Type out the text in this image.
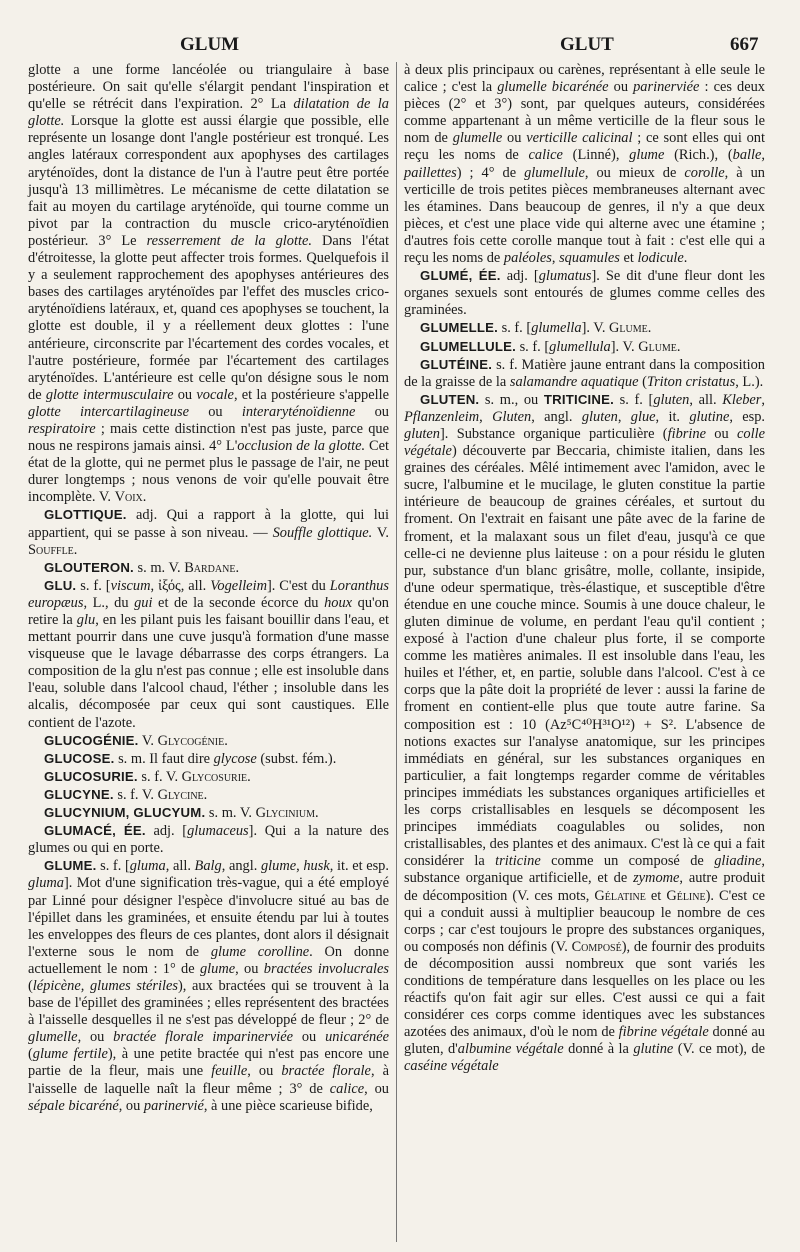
GLUM	GLUT	667

glotte a une forme lancéolée ou triangulaire à base postérieure. On sait qu'elle s'élargit pendant l'inspiration et qu'elle se rétrécit dans l'expiration. 2° La dilatation de la glotte. Lorsque la glotte est aussi élargie que possible, elle représente un losange dont l'angle postérieur est tronqué. Les angles latéraux correspondent aux apophyses des cartilages aryténoïdes, dont la distance de l'un à l'autre peut être portée jusqu'à 13 millimètres. Le mécanisme de cette dilatation se fait au moyen du cartilage aryténoïde, qui tourne comme un pivot par la contraction du muscle crico-aryténoïdien postérieur. 3° Le resserrement de la glotte. Dans l'état d'étroitesse, la glotte peut affecter trois formes. Quelquefois il y a seulement rapprochement des apophyses antérieures des bases des cartilages aryténoïdes par l'effet des muscles crico-aryténoïdiens latéraux, et, quand ces apophyses se touchent, la glotte est double, il y a réellement deux glottes : l'une antérieure, circonscrite par l'écartement des cordes vocales, et l'autre postérieure, formée par l'écartement des cartilages aryténoïdes. L'antérieure est celle qu'on désigne sous le nom de glotte intermusculaire ou vocale, et la postérieure s'appelle glotte intercartilagineuse ou interaryténoïdienne ou respiratoire ; mais cette distinction n'est pas juste, parce que nous ne respirons jamais ainsi. 4° L'occlusion de la glotte. Cet état de la glotte, qui ne permet plus le passage de l'air, ne peut durer longtemps ; nous venons de voir qu'elle pouvait être incomplète. V. Voix.

GLOTTIQUE. adj. Qui a rapport à la glotte, qui lui appartient, qui se passe à son niveau. — Souffle glottique. V. Souffle.

GLOUTERON. s. m. V. Bardane.

GLU. s. f. [viscum, ἰξός, all. Vogelleim]. C'est du Loranthus europæus, L., du gui et de la seconde écorce du houx qu'on retire la glu, en les pilant puis les faisant bouillir dans l'eau, et mettant pourrir dans une cuve jusqu'à formation d'une masse visqueuse que le lavage débarrasse des corps étrangers. La composition de la glu n'est pas connue ; elle est insoluble dans l'eau, soluble dans l'alcool chaud, l'éther ; insoluble dans les alcalis, décomposée par ceux qui sont caustiques. Elle contient de l'azote.

GLUCOGÉNIE. V. Glycogénie.

GLUCOSE. s. m. Il faut dire glycose (subst. fém.).

GLUCOSURIE. s. f. V. Glycosurie.

GLUCYNE. s. f. V. Glycine.

GLUCYNIUM, GLUCYUM. s. m. V. Glycinium.

GLUMACÉ, ÉE. adj. [glumaceus]. Qui a la nature des glumes ou qui en porte.

GLUME. s. f. [gluma, all. Balg, angl. glume, husk, it. et esp. gluma]. Mot d'une signification très-vague, qui a été employé par Linné pour désigner l'espèce d'involucre situé au bas de l'épillet dans les graminées, et ensuite étendu par lui à toutes les enveloppes des fleurs de ces plantes, dont alors il désignait l'externe sous le nom de glume corolline. On donne actuellement le nom : 1° de glume, ou bractées involucrales (lépicène, glumes stériles), aux bractées qui se trouvent à la base de l'épillet des graminées ; elles représentent des bractées à l'aisselle desquelles il ne s'est pas développé de fleur ; 2° de glumelle, ou bractée florale imparinerviée ou unicarénée (glume fertile), à une petite bractée qui n'est pas encore une partie de la fleur, mais une feuille, ou bractée florale, à l'aisselle de laquelle naît la fleur même ; 3° de calice, ou sépale bicaréné, ou parinervié, à une pièce scarieuse bifide,

à deux plis principaux ou carènes, représentant à elle seule le calice ; c'est la glumelle bicarénée ou parinerviée : ces deux pièces (2° et 3°) sont, par quelques auteurs, considérées comme appartenant à un même verticille de la fleur sous le nom de glumelle ou verticille calicinal ; ce sont elles qui ont reçu les noms de calice (Linné), glume (Rich.), (balle, paillettes) ; 4° de glumellule, ou mieux de corolle, à un verticille de trois petites pièces membraneuses alternant avec les étamines. Dans beaucoup de genres, il n'y a que deux pièces, et c'est une place vide qui alterne avec une étamine ; d'autres fois cette corolle manque tout à fait : c'est elle qui a reçu les noms de paléoles, squamules et lodicule.

GLUMÉ, ÉE. adj. [glumatus]. Se dit d'une fleur dont les organes sexuels sont entourés de glumes comme celles des graminées.

GLUMELLE. s. f. [glumella]. V. Glume.

GLUMELLULE. s. f. [glumellula]. V. Glume.

GLUTÉINE. s. f. Matière jaune entrant dans la composition de la graisse de la salamandre aquatique (Triton cristatus, L.).

GLUTEN. s. m., ou TRITICINE. s. f. [gluten, all. Kleber, Pflanzenleim, Gluten, angl. gluten, glue, it. glutine, esp. gluten]. Substance organique particulière (fibrine ou colle végétale) découverte par Beccaria, chimiste italien, dans les graines des céréales. Mêlé intimement avec l'amidon, avec le sucre, l'albumine et le mucilage, le gluten constitue la partie intérieure de beaucoup de graines céréales, et surtout du froment. On l'extrait en faisant une pâte avec de la farine de froment, et la malaxant sous un filet d'eau, jusqu'à ce que celle-ci ne devienne plus laiteuse : on a pour résidu le gluten pur, substance d'un blanc grisâtre, molle, collante, insipide, d'une odeur spermatique, très-élastique, et susceptible d'être étendue en une couche mince. Soumis à une douce chaleur, le gluten diminue de volume, en perdant l'eau qu'il contient ; exposé à l'action d'une chaleur plus forte, il se comporte comme les matières animales. Il est insoluble dans l'eau, les huiles et l'éther, et, en partie, soluble dans l'alcool. C'est à ce corps que la pâte doit la propriété de lever : aussi la farine de froment en contient-elle plus que toute autre farine. Sa composition est : 10 (Az⁵C⁴⁰H³¹O¹²) + S². L'absence de notions exactes sur l'analyse anatomique, sur les principes immédiats en général, sur les substances organiques en particulier, a fait longtemps regarder comme de véritables principes immédiats les substances organiques artificielles et les corps cristallisables en lesquels se décomposent les principes immédiats coagulables ou solides, non cristallisables, des plantes et des animaux. C'est là ce qui a fait considérer la triticine comme un composé de gliadine, substance organique artificielle, et de zymome, autre produit de décomposition (V. ces mots, Gélatine et Géline). C'est ce qui a conduit aussi à multiplier beaucoup le nombre de ces corps ; car c'est toujours le propre des substances organiques, ou composés non définis (V. Composé), de fournir des produits de décomposition aussi nombreux que sont variés les conditions de température dans lesquelles on les place ou les réactifs qu'on fait agir sur elles. C'est aussi ce qui a fait considérer ces corps comme identiques avec les substances azotées des animaux, d'où le nom de fibrine végétale donné au gluten, d'albumine végétale donné à la glutine (V. ce mot), de caséine végétale
